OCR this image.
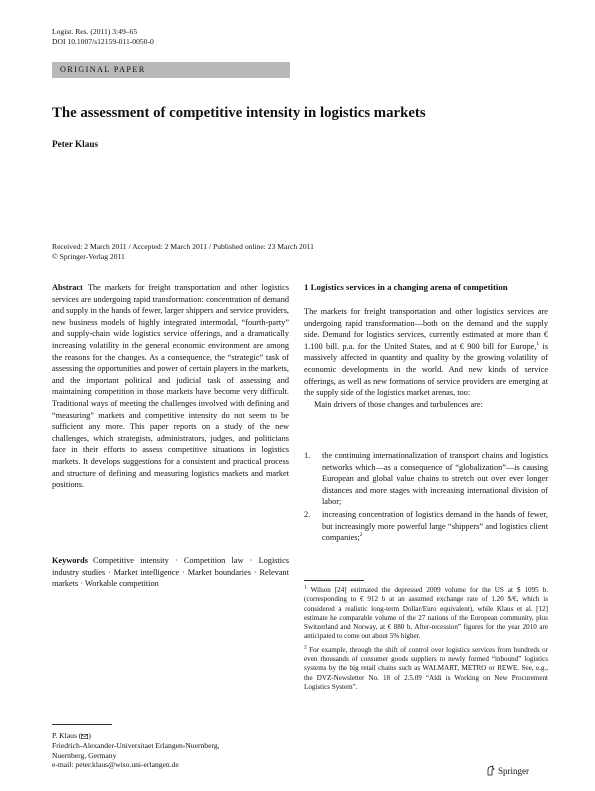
Logist. Res. (2011) 3:49–65
DOI 10.1007/s12159-011-0050-0
ORIGINAL PAPER
The assessment of competitive intensity in logistics markets
Peter Klaus
Received: 2 March 2011 / Accepted: 2 March 2011 / Published online: 23 March 2011
© Springer-Verlag 2011
Abstract The markets for freight transportation and other logistics services are undergoing rapid transformation: concentration of demand and supply in the hands of fewer, larger shippers and service providers, new business models of highly integrated intermodal, “fourth-party” and supply-chain wide logistics service offerings, and a dramatically increasing volatility in the general economic environment are among the reasons for the changes. As a consequence, the “strategic” task of assessing the opportunities and power of certain players in the markets, and the important political and judicial task of assessing and maintaining competition in those markets have become very difficult. Traditional ways of meeting the challenges involved with defining and “measuring” markets and competitive intensity do not seem to be sufficient any more. This paper reports on a study of the new challenges, which strategists, administrators, judges, and politicians face in their efforts to assess competitive situations in logistics markets. It develops suggestions for a consistent and practical process and structure of defining and measuring logistics markets and market positions.
Keywords Competitive intensity · Competition law · Logistics industry studies · Market intelligence · Market boundaries · Relevant markets · Workable competition
P. Klaus ( )
Friedrich-Alexander-Universitaet Erlangen-Nuernberg,
Nuernberg, Germany
e-mail: peter.klaus@wiso.uni-erlangen.de
1 Logistics services in a changing arena of competition

The markets for freight transportation and other logistics services are undergoing rapid transformation—both on the demand and the supply side. Demand for logistics services, currently estimated at more than € 1.100 bill. p.a. for the United States, and at € 900 bill for Europe,$^1$ is massively affected in quantity and quality by the growing volatility of economic developments in the world. And new kinds of service offerings, as well as new formations of service providers are emerging at the supply side of the logistics market arenas, too:

Main drivers of those changes and turbulences are:

1. the continuing internationalization of transport chains and logistics networks which—as a consequence of “globalization”—is causing European and global value chains to stretch out over ever longer distances and more stages with increasing international division of labor;
2. increasing concentration of logistics demand in the hands of fewer, but increasingly more powerful large “shippers” and logistics client companies;$^2$
$^1$ Wilson [24] estimated the depressed 2009 volume for the US at $ 1095 b. (corresponding to € 912 b at an assumed exchange rate of 1.20 $/€, which is considered a realistic long-term Dollar/Euro equivalent), while Klaus et al. [12] estimate he comparable volume of the 27 nations of the European community, plus Switzerland and Norway, at € 880 b. After-recession” figures for the year 2010 are anticipated to come out about 5% higher.
$^2$ For example, through the shift of control over logistics services from hundreds or even thousands of consumer goods suppliers to newly formed “inbound” logistics systems by the big retail chains such as WALMART, METRO or REWE. See, e.g., the DVZ-Newsletter No. 18 of 2.5.09 “Aldi is Working on New Procurement Logistics System”.
Springer
